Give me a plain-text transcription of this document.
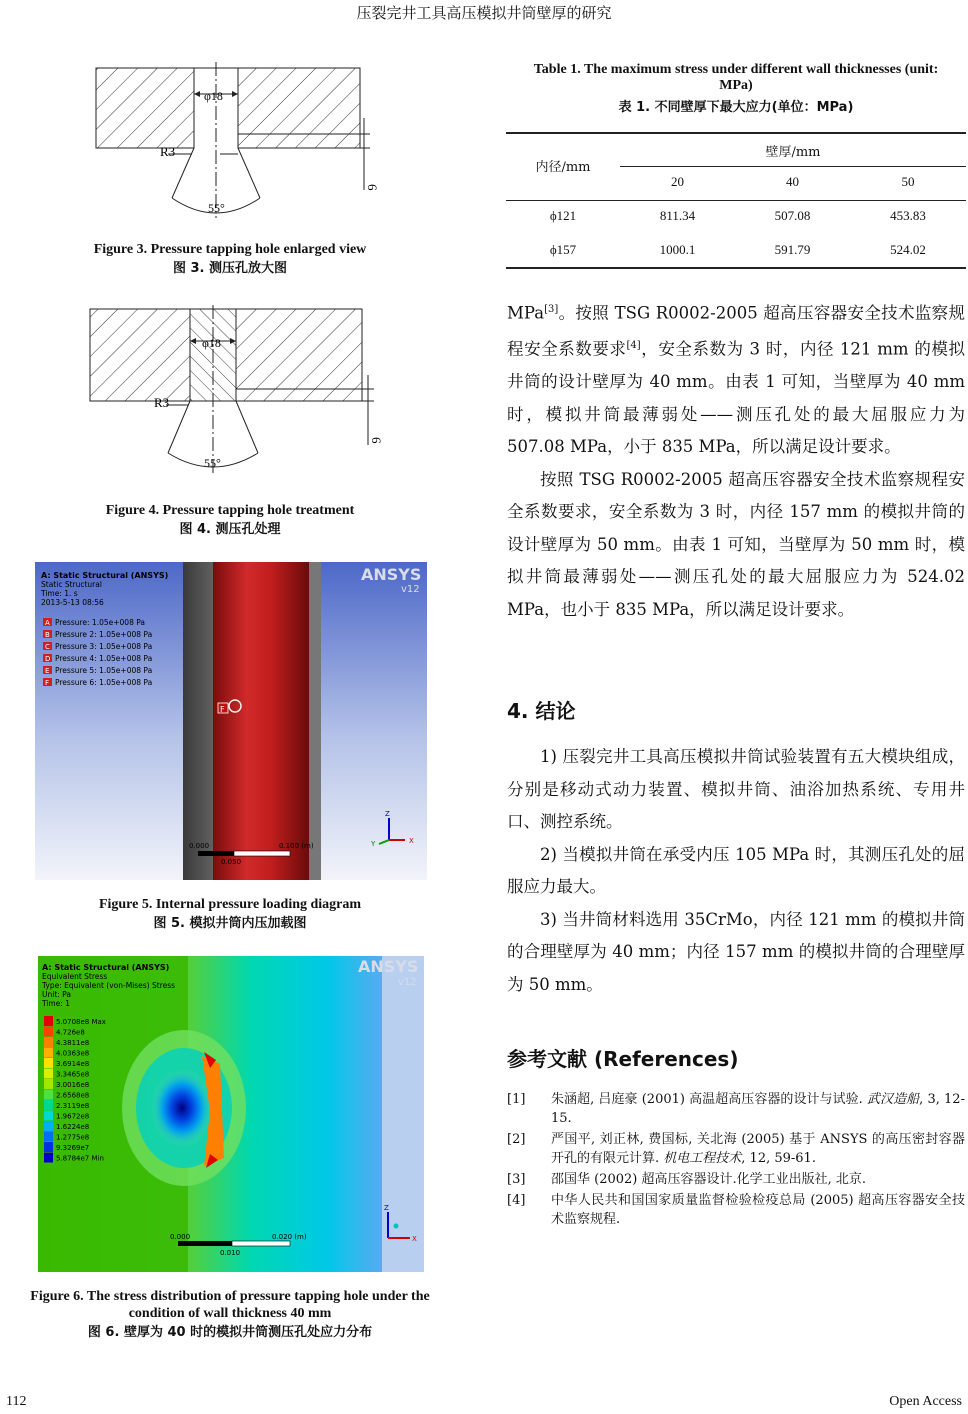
压裂完井工具高压模拟井筒壁厚的研究
φ18
R3
55°
6
Figure 3. Pressure tapping hole enlarged view
图 3. 测压孔放大图
φ18
R3
55°
6
Figure 4. Pressure tapping hole treatment
图 4. 测压孔处理
F
A: Static Structural (ANSYS)
Static Structural
Time: 1. s
2013-5-13 08:56
A Pressure: 1.05e+008 Pa
B Pressure 2: 1.05e+008 Pa
C Pressure 3: 1.05e+008 Pa
D Pressure 4: 1.05e+008 Pa
E Pressure 5: 1.05e+008 Pa
F Pressure 6: 1.05e+008 Pa
ANSYS
v12
0.000	0.100 (m)
0.050
Z
X
Y
Figure 5. Internal pressure loading diagram
图 5. 模拟井筒内压加载图
A: Static Structural (ANSYS)
Equivalent Stress
Type: Equivalent (von-Mises) Stress
Unit: Pa
Time: 1
5.0708e8 Max
4.726e8
4.3811e8
4.0363e8
3.6914e8
3.3465e8
3.0016e8
2.6568e8
2.3119e8
1.9672e8
1.6224e8
1.2775e8
9.3269e7
5.8784e7 Min
ANSYS
v12
0.000	0.020 (m)
0.010
Z
X
Figure 6. The stress distribution of pressure tapping hole under the
condition of wall thickness 40 mm
图 6. 壁厚为 40 时的模拟井筒测压孔处应力分布
Table 1. The maximum stress under different wall thicknesses (unit:
MPa)
表 1. 不同壁厚下最大应力(单位：MPa)
内径/mm
壁厚/mm
20	40	50
ϕ121	811.34	507.08	453.83
ϕ157	1000.1	591.79	524.02

MPa[3]。按照 TSG R0002-2005 超高压容器安全技术监察规程安全系数要求[4]，安全系数为 3 时，内径 121 mm 的模拟井筒的设计壁厚为 40 mm。由表 1 可知，当壁厚为 40 mm 时，模拟井筒最薄弱处——测压孔处的最大屈服应力为 507.08 MPa，小于 835 MPa，所以满足设计要求。

按照 TSG R0002-2005 超高压容器安全技术监察规程安全系数要求，安全系数为 3 时，内径 157 mm 的模拟井筒的设计壁厚为 50 mm。由表 1 可知，当壁厚为 50 mm 时，模拟井筒最薄弱处——测压孔处的最大屈服应力为 524.02 MPa，也小于 835 MPa，所以满足设计要求。

4. 结论

1) 压裂完井工具高压模拟井筒试验装置有五大模块组成，分别是移动式动力装置、模拟井筒、油浴加热系统、专用井口、测控系统。

2) 当模拟井筒在承受内压 105 MPa 时，其测压孔处的屈服应力最大。

3) 当井筒材料选用 35CrMo，内径 121 mm 的模拟井筒的合理壁厚为 40 mm；内径 157 mm 的模拟井筒的合理壁厚为 50 mm。

参考文献 (References)
[1] 朱涵超, 吕庭豪 (2001) 高温超高压容器的设计与试验. 武汉造船, 3, 12-15.
[2] 严国平, 刘正林, 费国标, 关北海 (2005) 基于 ANSYS 的高压密封容器开孔的有限元计算. 机电工程技术, 12, 59-61.
[3] 邵国华 (2002) 超高压容器设计.化学工业出版社, 北京.
[4] 中华人民共和国国家质量监督检验检疫总局 (2005) 超高压容器安全技术监察规程.
112	Open Access
